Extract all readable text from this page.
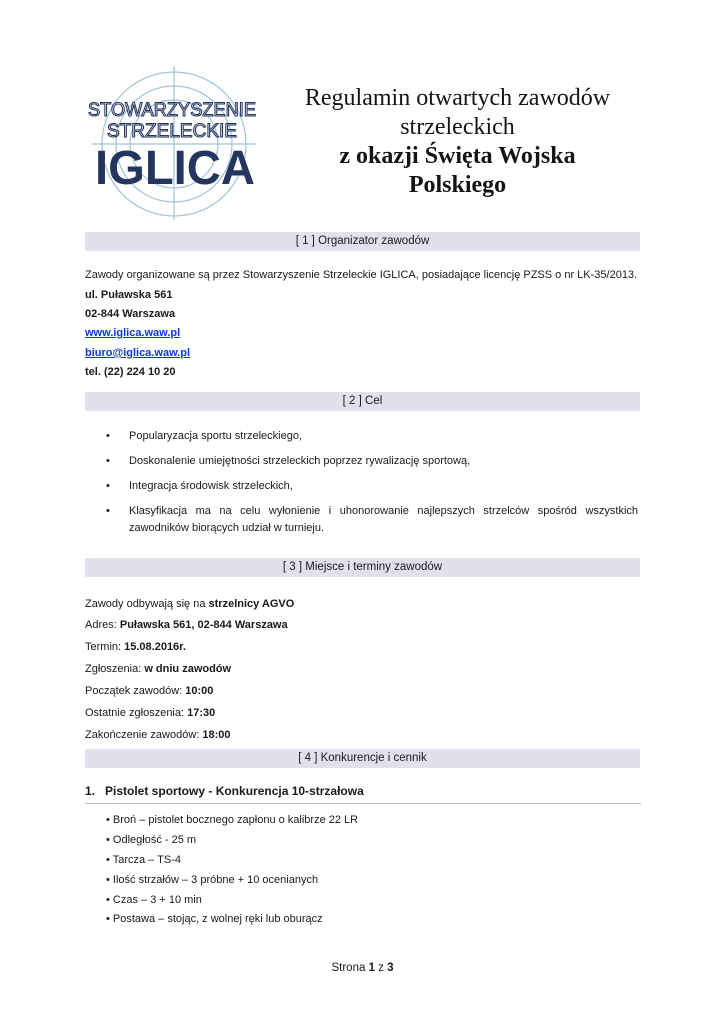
STOWARZYSZENIE
STRZELECKIE
IGLICA
Regulamin otwartych zawodów
strzeleckich
z okazji Święta Wojska
Polskiego
[ 1 ] Organizator zawodów
Zawody organizowane są przez Stowarzyszenie Strzeleckie IGLICA, posiadające licencję PZSS o nr LK-35/2013.
ul. Puławska 561
02-844 Warszawa
www.iglica.waw.pl
biuro@iglica.waw.pl
tel. (22) 224 10 20
[ 2 ] Cel
• Popularyzacja sportu strzeleckiego,
• Doskonalenie umiejętności strzeleckich poprzez rywalizację sportową,
• Integracja środowisk strzeleckich,
• Klasyfikacja ma na celu wyłonienie i uhonorowanie najlepszych strzelców spośród wszystkich zawodników biorących udział w turnieju.
[ 3 ] Miejsce i terminy zawodów
Zawody odbywają się na strzelnicy AGVO
Adres: Puławska 561, 02-844 Warszawa
Termin: 15.08.2016r.
Zgłoszenia: w dniu zawodów
Początek zawodów: 10:00
Ostatnie zgłoszenia: 17:30
Zakończenie zawodów: 18:00
[ 4 ] Konkurencje i cennik
1.   Pistolet sportowy - Konkurencja 10-strzałowa
• Broń – pistolet bocznego zapłonu o kalibrze 22 LR
• Odległość - 25 m
• Tarcza – TS-4
• Ilość strzałów – 3 próbne + 10 ocenianych
• Czas – 3 + 10 min
• Postawa – stojąc, z wolnej ręki lub oburącz
Strona 1 z 3
